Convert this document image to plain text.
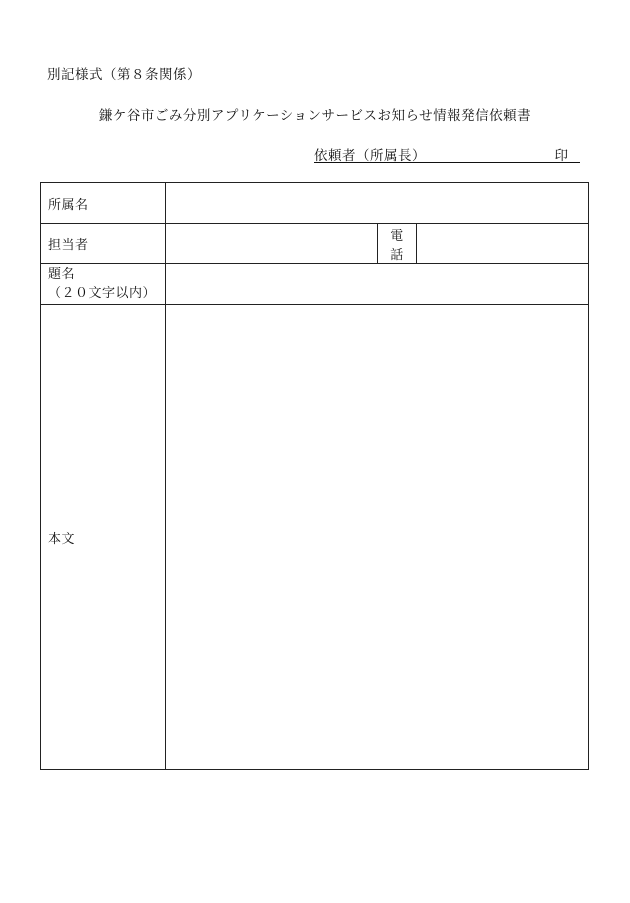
別記様式（第８条関係）
鎌ケ谷市ごみ分別アプリケーションサービスお知らせ情報発信依頼書
依頼者（所属長）	印
所属名			
担当者		電話	

題名
（２０文字以内）			

本文			
